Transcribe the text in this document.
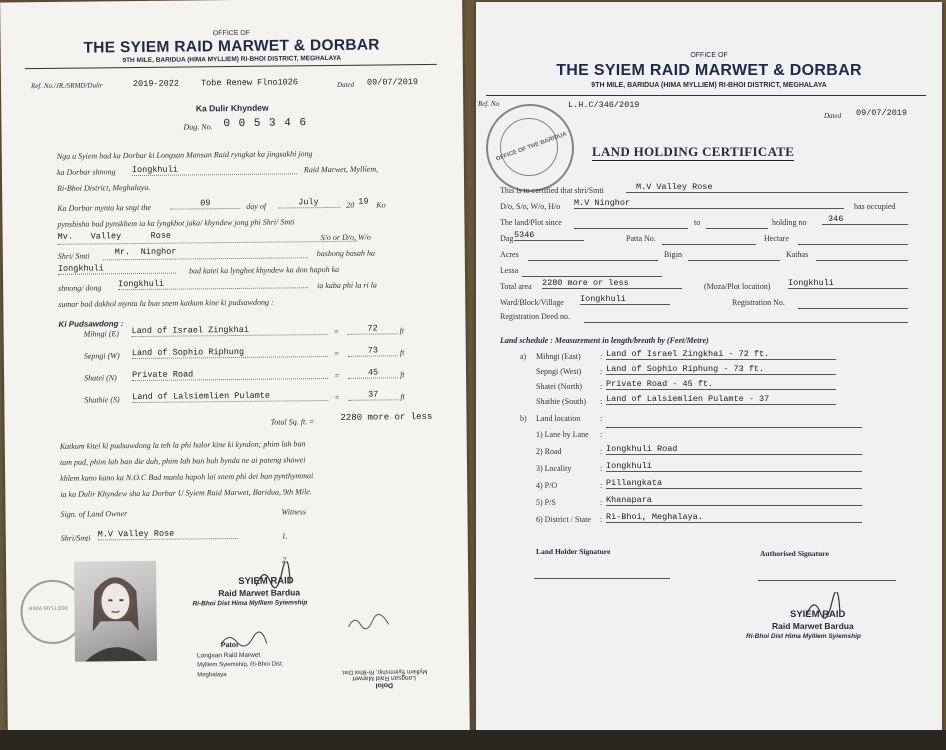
OFFICE OF
THE SYIEM RAID MARWET & DORBAR
9TH MILE, BARIDUA (HIMA MYLLIEM) RI-BHOI DISTRICT, MEGHALAYA
Ref. No./JR./SRMD/Dulir	2019-2022	Tobe Renew Flno1026	Dated 09/07/2019
Ka Dulir Khyndew
Dag. No. 0 0 5 3 4 6
Nga u Syiem bad ka Dorbar ki Longsan Mansan Raid ryngkat ka jingsakhi jong
ka Dorbar shnong Iongkhuli	Raid Marwet, Mylliem,
Ri-Bhoi District, Meghalaya.
Ka Dorbar mynta ka sngi the	09	day of	July	20 19 Ko
pynshisha bad pynskhem ia ka lyngkhot jaka/ khyndew jong phi Shri/ Smti
Mv. Valley	Rose	S/o or D/o, W/o
Shri/ Smti	Mr. Ninghor	bashong basah ha
Iongkhuli	bad katei ka lynghot khyndew ka don hapoh ka
shnong/ dong Iongkhuli	ia kaba phi la ri la
sumar bad dakhol mynta la bun snem katkum kine ki pudsawdong :
Ki Pudsawdong :
Mihngi (E) Land of Israel Zingkhai	=	72	ft
Sepngi (W) Land of Sophio Riphung	=	73	ft
Shatei (N) Private Road	=	45	ft
Shathie (S) Land of Lalsiemlien Pulamte	=	37	ft
Total Sq. ft. =	2280 more or less
Katkum kitei ki pudsawdong la teh la phi halor kine ki kyndon; phim lah ban
tam pud, phim lah ban die duh, phim lah ban buh bynda ne ai pateng shawei
khlem kano kano ka N.O.C Bad manla hapoh lai snem phi dei ban pynthymmai
ia ka Dulir Khyndew sha ka Dorbar U Syiem Raid Marwet, Baridua, 9th Mile.
Sign. of Land Owner	Witness
Shri/Smti M.V Valley Rose	1.
2.
HIMA MYLLIEM
SYIEM RAID
Raid Marwet Bardua
Ri-Bhoi Dist Hima Mylliem Syiemship
Pator
Longsan Raid Marwet
Mylliem Syiemship, Ri-Bhoi Dist.
Meghalaya
Dolol
Longsan Raid Marwet
Mylliem Syiemship, Ri-Bhoi Dist.
OFFICE OF
THE SYIEM RAID MARWET & DORBAR
9TH MILE, BARIDUA (HIMA MYLLIEM) RI-BHOI DISTRICT, MEGHALAYA
Ref. No	L.H.C/346/2019
Dated 09/07/2019
OFFICE OF THE BARIDUA LAND HOLDING CERTIFICATE
This is to certified that shri/Smti	M.V Valley Rose
D/o, S/o, W/o, H/o M.V Ninghor	has occupied
The land/Plot since	to	holding no	346
Dag 5346	Patta No.	Hectare
Acres	Bigas	Kathas
Lessa
Total area 2280 more or less	(Moza/Plot location) Iongkhuli
Ward/Block/Village Iongkhuli	Registration No.
Registration Deed no.
Land schedule : Measurement in length/breath by (Feet/Metre)
a) Mihngi (East) : Land of Israel Zingkhai - 72 ft.
Sepngi (West) : Land of Sophio Riphung - 73 ft.
Shatei (North) : Private Road - 45 ft.
Shathie (South) : Land of Lalsiemlien Pulamte - 37
b) Land location :
1) Lane by Lane :
2) Road	: Iongkhuli Road
3) Locality	: Iongkhuli
4) P/O	: Pillangkata
5) P/S	: Khanapara
6) District / State : Ri-Bhoi, Meghalaya.
Land Holder Signature	Authorised Signature
SYIEM RAID
Raid Marwet Bardua
Ri-Bhoi Dist Hima Mylliem Syiemship
